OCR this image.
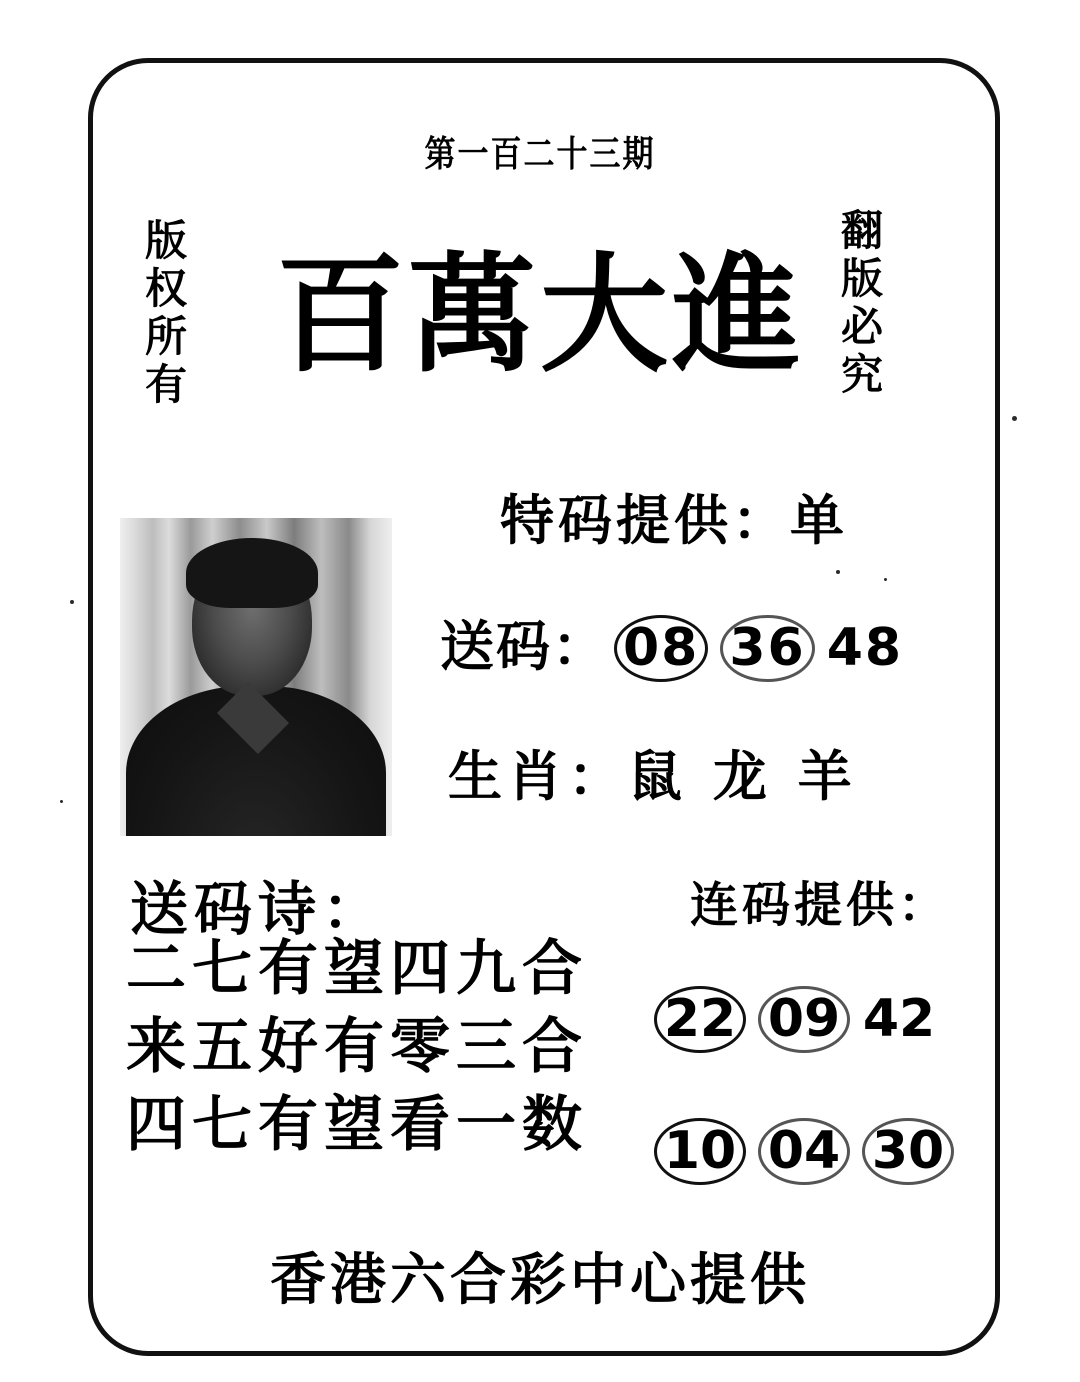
第一百二十三期
版权所有	翻版必究
百萬大進
特码提供：单
送码： 08 36 48
生肖：鼠 龙 羊
送码诗：
二七有望四九合
来五好有零三合
四七有望看一数
连码提供：
22 09 42
10 04 30
香港六合彩中心提供
